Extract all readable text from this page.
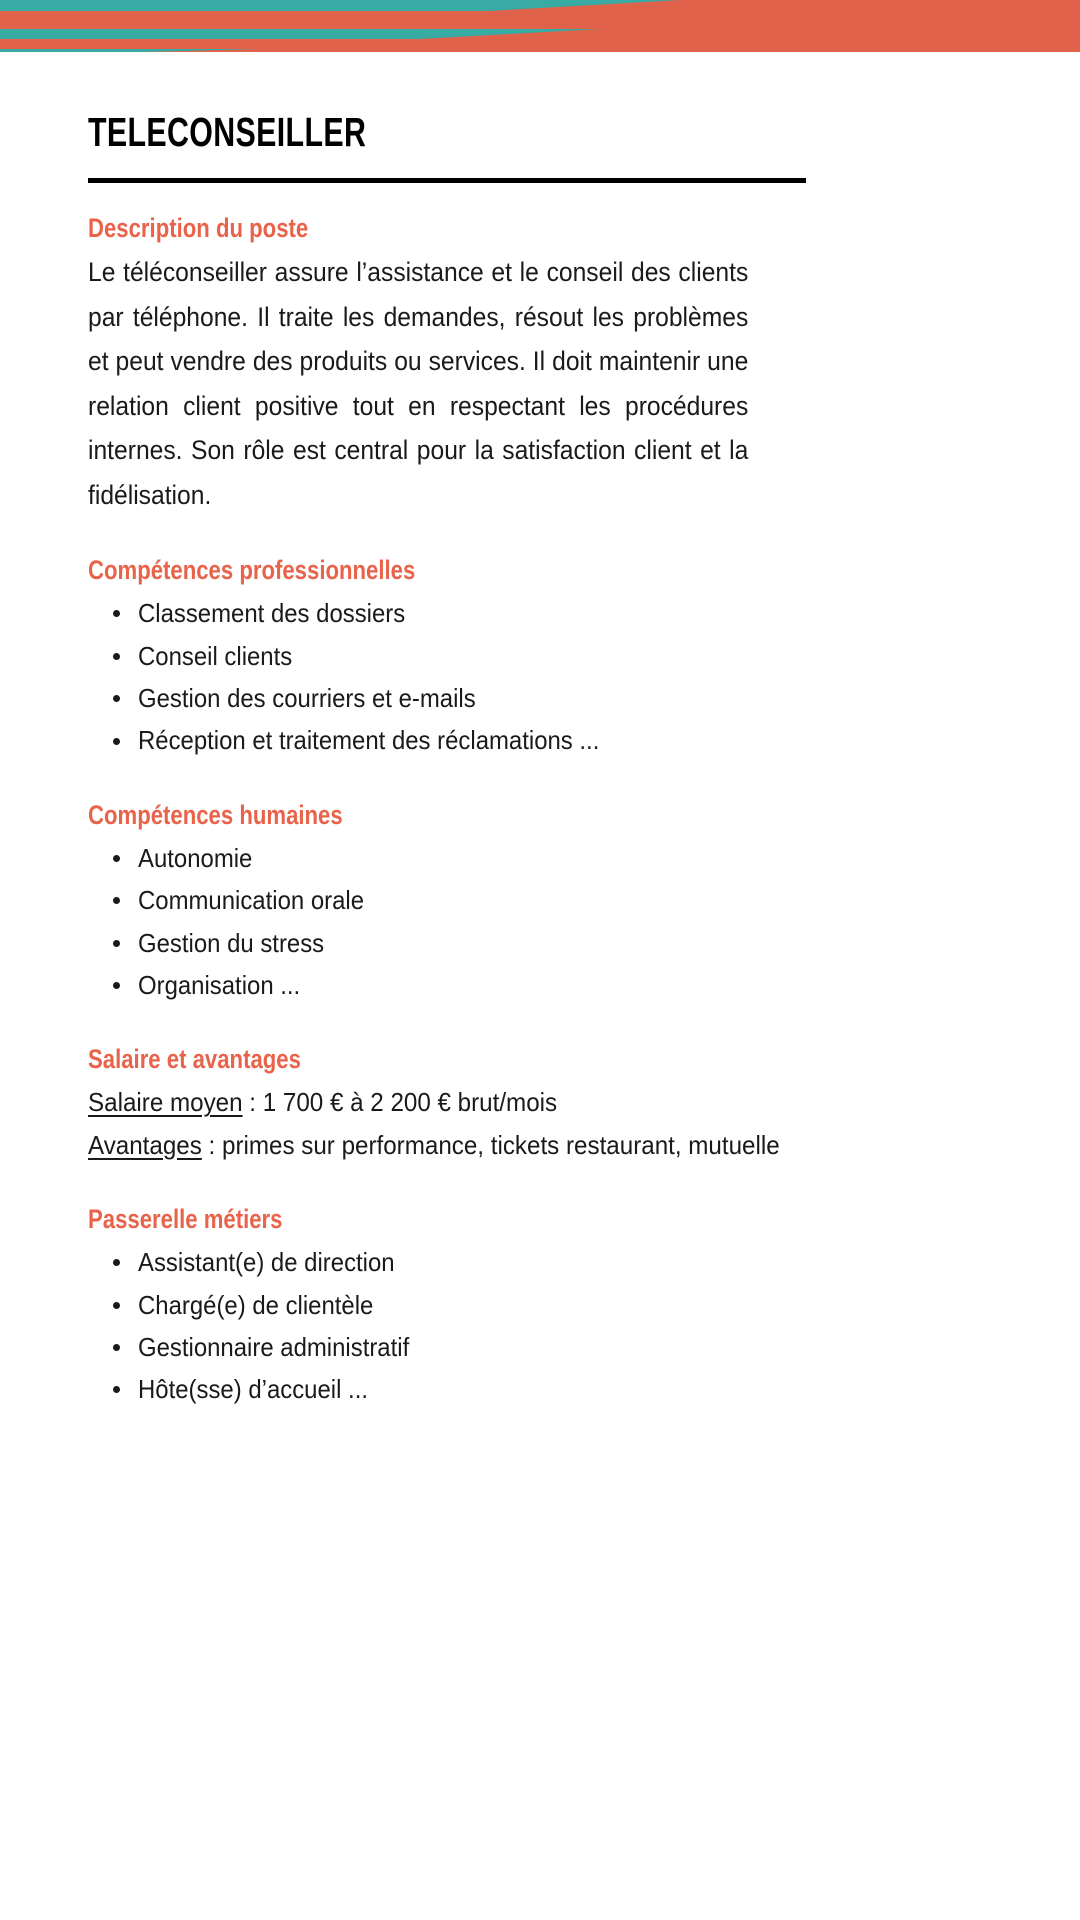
TELECONSEILLER
Description du poste

Le téléconseiller assure l’assistance et le conseil des clients par téléphone. Il traite les demandes, résout les problèmes et peut vendre des produits ou services. Il doit maintenir une relation client positive tout en respectant les procédures internes. Son rôle est central pour la satisfaction client et la fidélisation.

Compétences professionnelles
Classement des dossiers
Conseil clients
Gestion des courriers et e-mails
Réception et traitement des réclamations ...
Compétences humaines
Autonomie
Communication orale
Gestion du stress
Organisation ...
Salaire et avantages
Salaire moyen : 1 700 € à 2 200 € brut/mois
Avantages : primes sur performance, tickets restaurant, mutuelle
Passerelle métiers
Assistant(e) de direction
Chargé(e) de clientèle
Gestionnaire administratif
Hôte(sse) d’accueil ...
